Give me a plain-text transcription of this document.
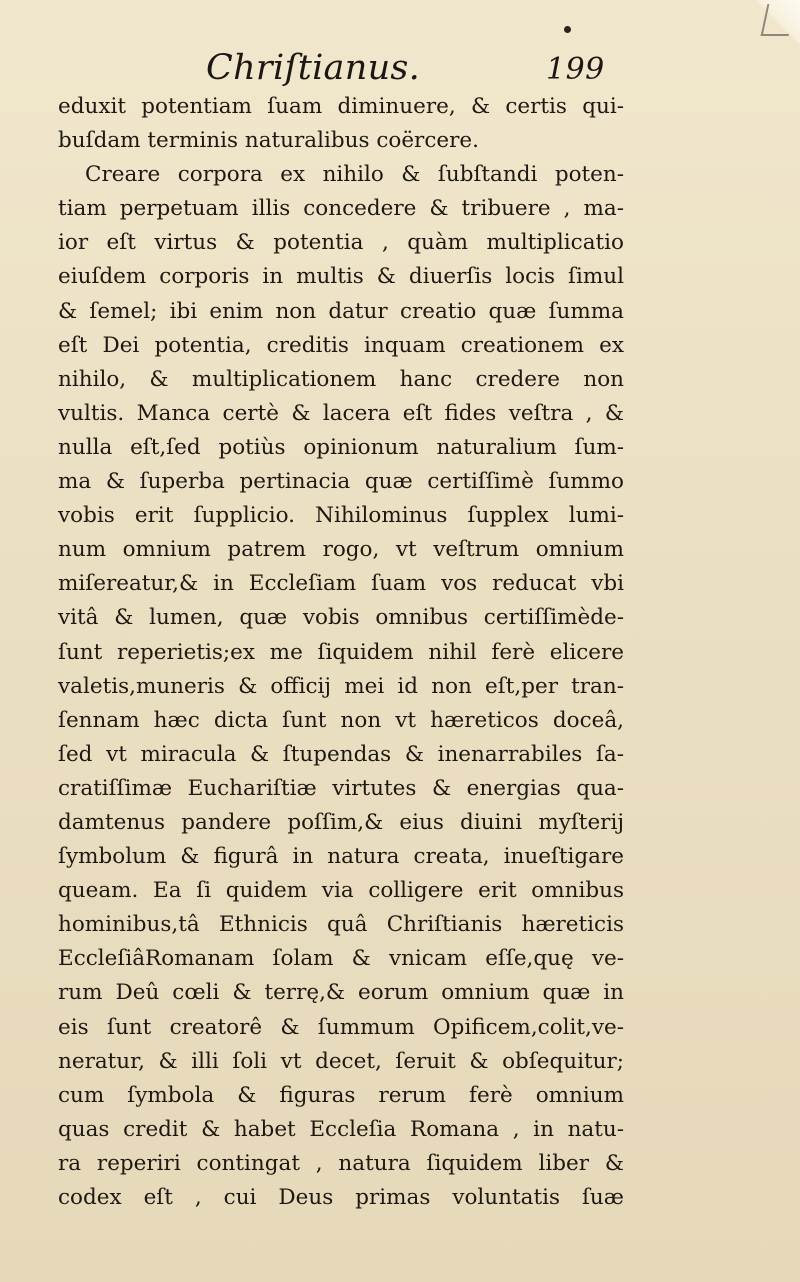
Chriſtianus.	199
eduxit potentiam ſuam diminuere, & certis qui-
buſdam terminis naturalibus coërcere.
Creare corpora ex nihilo & ſubſtandi poten-
tiam perpetuam illis concedere & tribuere , ma-
ior eſt virtus & potentia , quàm multiplicatio
eiuſdem corporis in multis & diuerſis locis ſimul
& ſemel; ibi enim non datur creatio quæ ſumma
eſt Dei potentia, creditis inquam creationem ex
nihilo, & multiplicationem hanc credere non
vultis. Manca certè & lacera eſt fides veſtra , &
nulla eſt,ſed potiùs opinionum naturalium ſum-
ma & ſuperba pertinacia quæ certiſſimè ſummo
vobis erit ſupplicio. Nihilominus ſupplex lumi-
num omnium patrem rogo, vt veſtrum omnium
miſereatur,& in Eccleſiam ſuam vos reducat vbi
vitâ & lumen, quæ vobis omnibus certiſſimède-
ſunt reperietis;ex me ſiquidem nihil ferè elicere
valetis,muneris & officij mei id non eſt,per tran-
ſennam hæc dicta ſunt non vt hæreticos doceâ,
ſed vt miracula & ſtupendas & inenarrabiles ſa-
cratiſſimæ Euchariſtiæ virtutes & energias qua-
damtenus pandere poſſim,& eius diuini myſterij
ſymbolum & figurâ in natura creata, inueſtigare
queam. Ea ſi quidem via colligere erit omnibus
hominibus,tâ Ethnicis quâ Chriſtianis hæreticis
EccleſiâRomanam ſolam & vnicam eſſe,quę ve-
rum Deû cœli & terrę,& eorum omnium quæ in
eis ſunt creatorê & ſummum Opificem,colit,ve-
neratur, & illi ſoli vt decet, ſeruit & obſequitur;
cum ſymbola & figuras rerum ferè omnium
quas credit & habet Eccleſia Romana , in natu-
ra reperiri contingat , natura ſiquidem liber &
codex eſt , cui Deus primas voluntatis ſuæ
